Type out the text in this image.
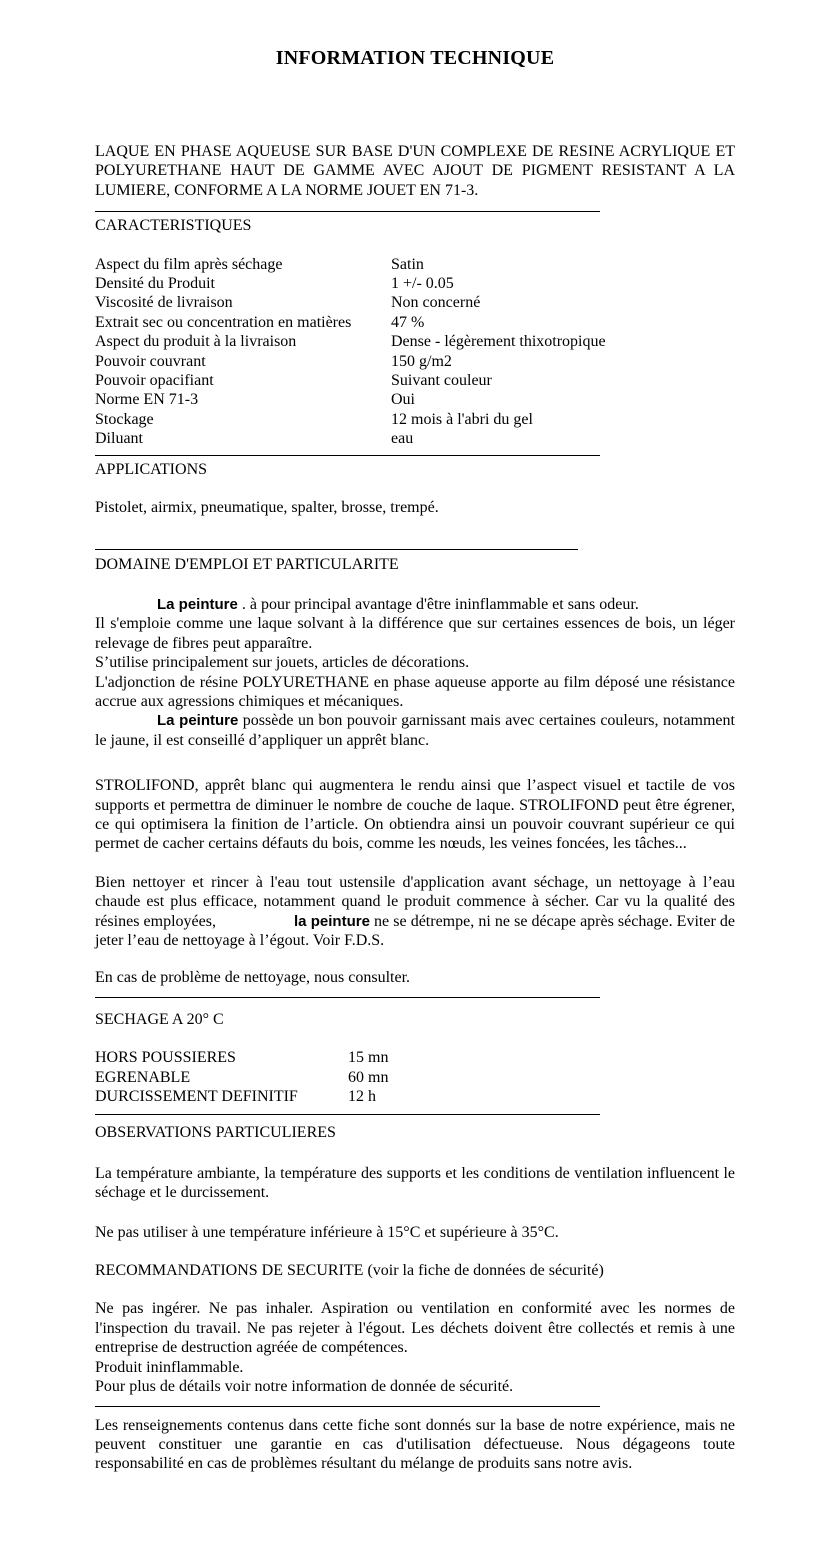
INFORMATION TECHNIQUE

LAQUE EN PHASE AQUEUSE SUR BASE D'UN COMPLEXE DE RESINE ACRYLIQUE ET POLYURETHANE HAUT DE GAMME AVEC AJOUT DE PIGMENT RESISTANT A LA LUMIERE, CONFORME A LA NORME JOUET EN 71-3.

CARACTERISTIQUES
Aspect du film après séchage	Satin
Densité du Produit	1 +/- 0.05
Viscosité de livraison	Non concerné
Extrait sec ou concentration en matières	47 %
Aspect du produit à la livraison	Dense - légèrement thixotropique
Pouvoir couvrant	150 g/m2
Pouvoir opacifiant	Suivant couleur
Norme EN 71-3	Oui
Stockage	12 mois à l'abri du gel
Diluant	eau
APPLICATIONS

Pistolet, airmix, pneumatique, spalter, brosse, trempé.

DOMAINE D'EMPLOI ET PARTICULARITE

La peinture . à pour principal avantage d'être ininflammable et sans odeur.

Il s'emploie comme une laque solvant à la différence que sur certaines essences de bois, un léger relevage de fibres peut apparaître.

S’utilise principalement sur jouets, articles de décorations.

L'adjonction de résine POLYURETHANE en phase aqueuse apporte au film déposé une résistance accrue aux agressions chimiques et mécaniques.

La peinture possède un bon pouvoir garnissant mais avec certaines couleurs, notamment le jaune, il est conseillé d’appliquer un apprêt blanc.

STROLIFOND, apprêt blanc qui augmentera le rendu ainsi que l’aspect visuel et tactile de vos supports et permettra de diminuer le nombre de couche de laque. STROLIFOND peut être égrener, ce qui optimisera la finition de l’article. On obtiendra ainsi un pouvoir couvrant supérieur ce qui permet de cacher certains défauts du bois, comme les nœuds, les veines foncées, les tâches...

Bien nettoyer et rincer à l'eau tout ustensile d'application avant séchage, un nettoyage à l’eau chaude est plus efficace, notamment quand le produit commence à sécher. Car vu la qualité des résines employées,	la peinture ne se détrempe, ni ne se décape après séchage. Eviter de jeter l’eau de nettoyage à l’égout. Voir F.D.S.

En cas de problème de nettoyage, nous consulter.

SECHAGE A 20° C
HORS POUSSIERES	15 mn
EGRENABLE	60 mn
DURCISSEMENT DEFINITIF	12 h
OBSERVATIONS PARTICULIERES

La température ambiante, la température des supports et les conditions de ventilation influencent le séchage et le durcissement.

Ne pas utiliser à une température inférieure à 15°C et supérieure à 35°C.

RECOMMANDATIONS DE SECURITE (voir la fiche de données de sécurité)

Ne pas ingérer. Ne pas inhaler. Aspiration ou ventilation en conformité avec les normes de l'inspection du travail. Ne pas rejeter à l'égout. Les déchets doivent être collectés et remis à une entreprise de destruction agréée de compétences.

Produit ininflammable.

Pour plus de détails voir notre information de donnée de sécurité.

Les renseignements contenus dans cette fiche sont donnés sur la base de notre expérience, mais ne peuvent constituer une garantie en cas d'utilisation défectueuse. Nous dégageons toute responsabilité en cas de problèmes résultant du mélange de produits sans notre avis.
